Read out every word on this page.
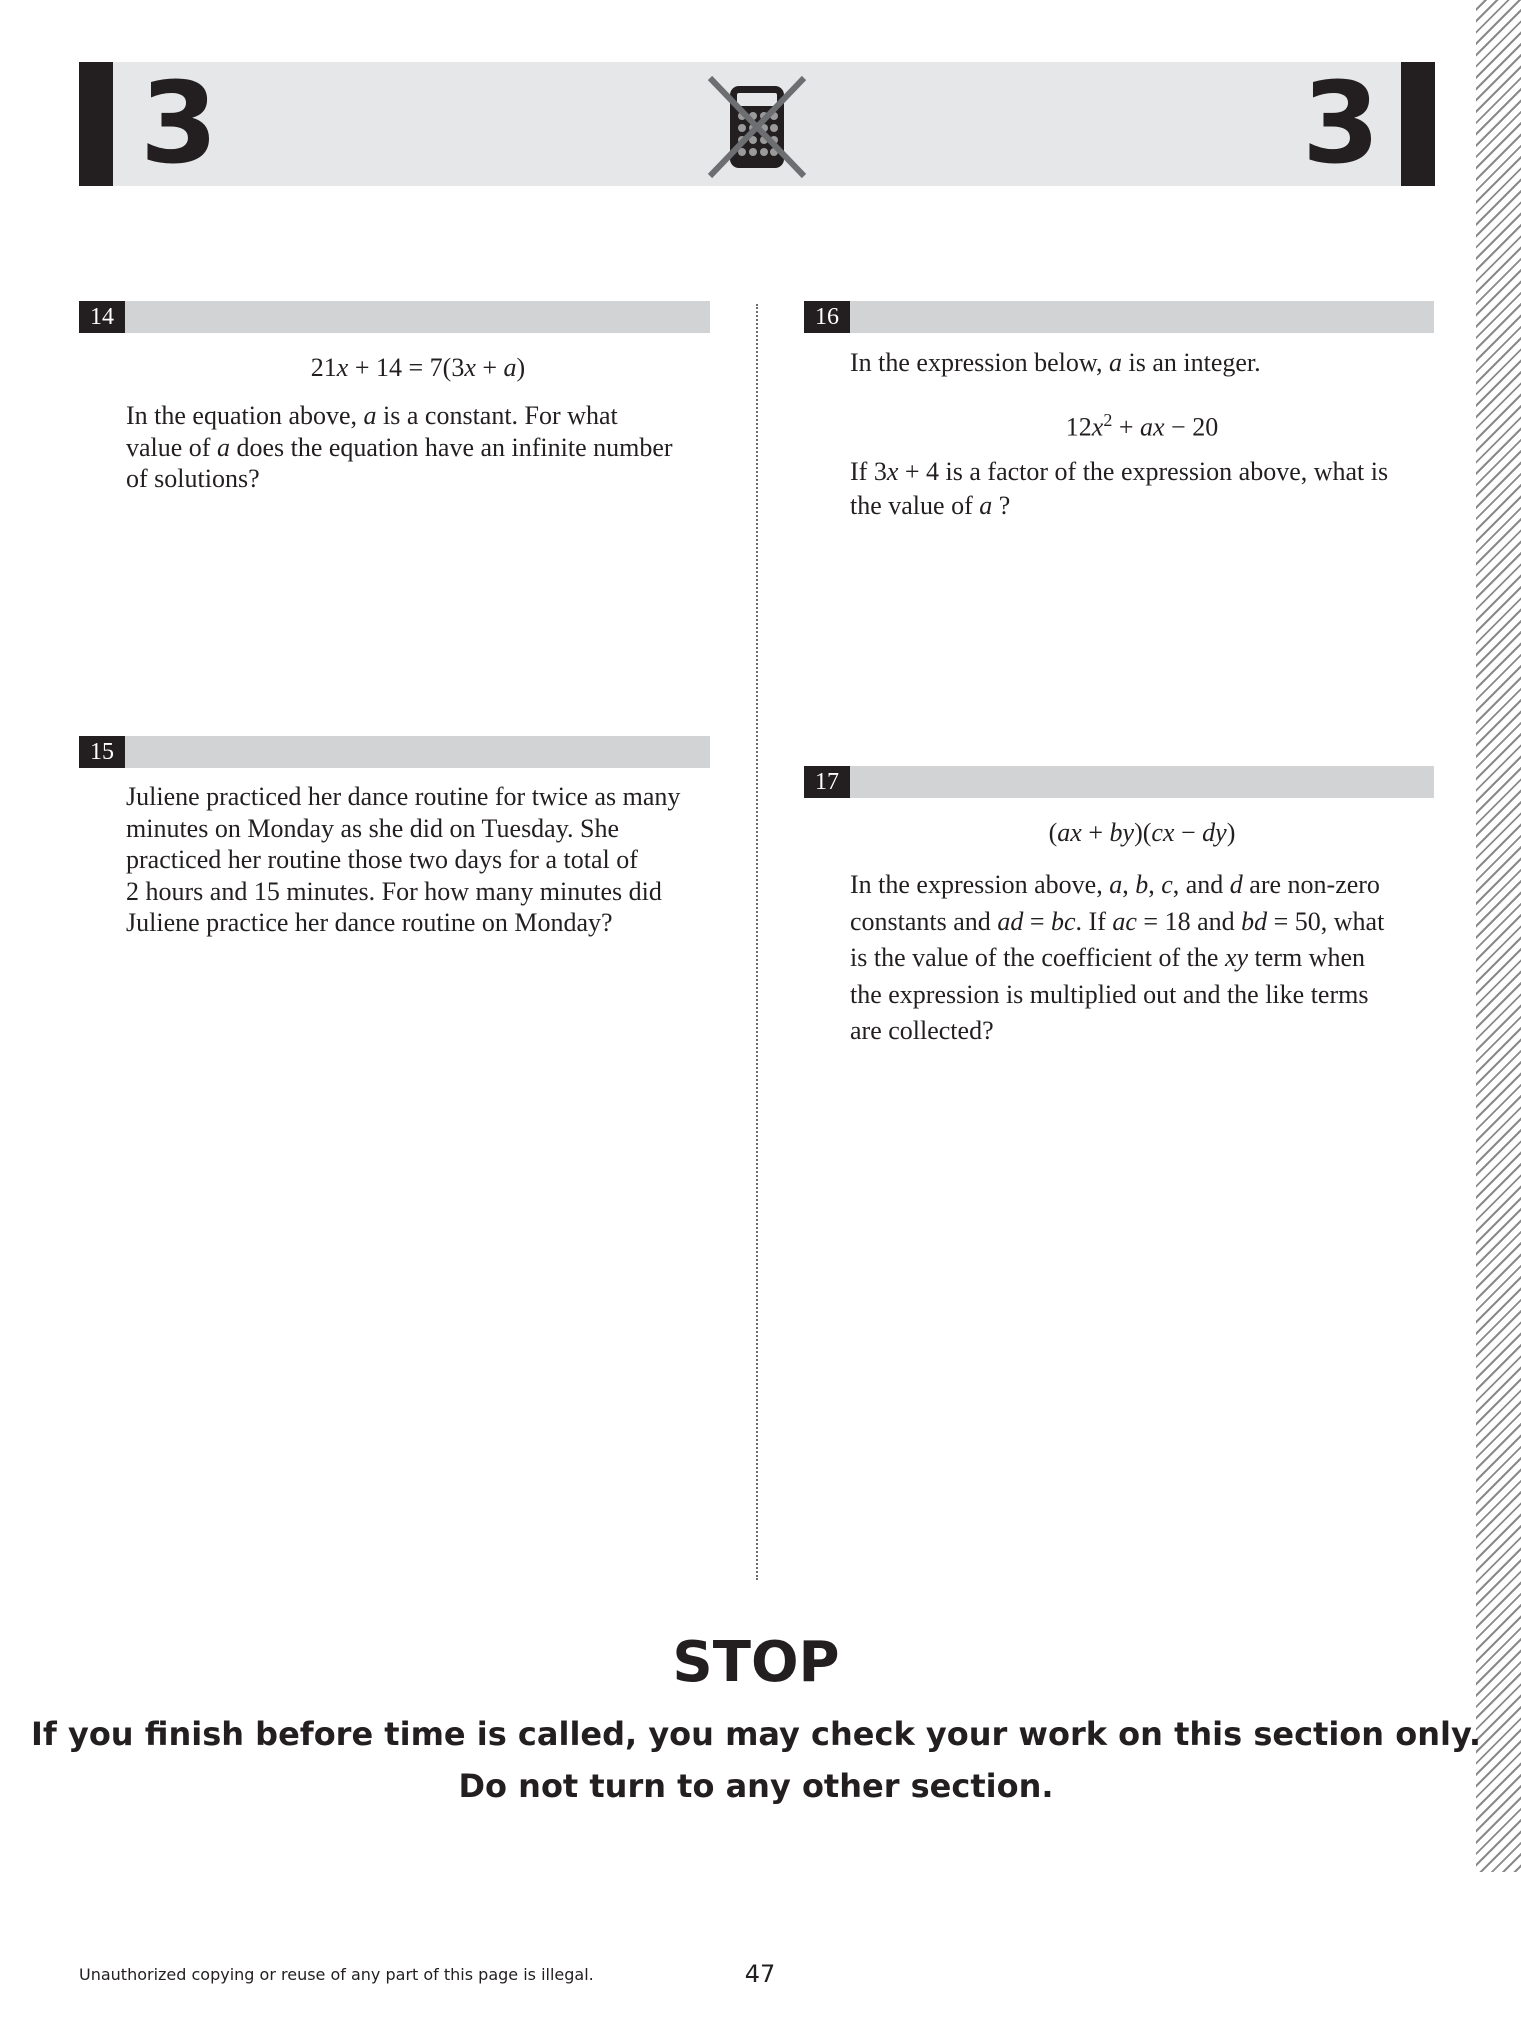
3	3
14
21x + 14 = 7(3x + a)
In the equation above, a is a constant. For what
value of a does the equation have an infinite number
of solutions?
15
Juliene practiced her dance routine for twice as many
minutes on Monday as she did on Tuesday. She
practiced her routine those two days for a total of
2 hours and 15 minutes. For how many minutes did
Juliene practice her dance routine on Monday?
16
In the expression below, a is an integer.
$12x^2$ + ax − 20
If 3x + 4 is a factor of the expression above, what is
the value of a ?
17
(ax + by)(cx − dy)
In the expression above, a, b, c, and d are non-zero
constants and ad = bc. If ac = 18 and bd = 50, what
is the value of the coefficient of the xy term when
the expression is multiplied out and the like terms
are collected?
STOP
If you finish before time is called, you may check your work on this section only.
Do not turn to any other section.
Unauthorized copying or reuse of any part of this page is illegal.	47
